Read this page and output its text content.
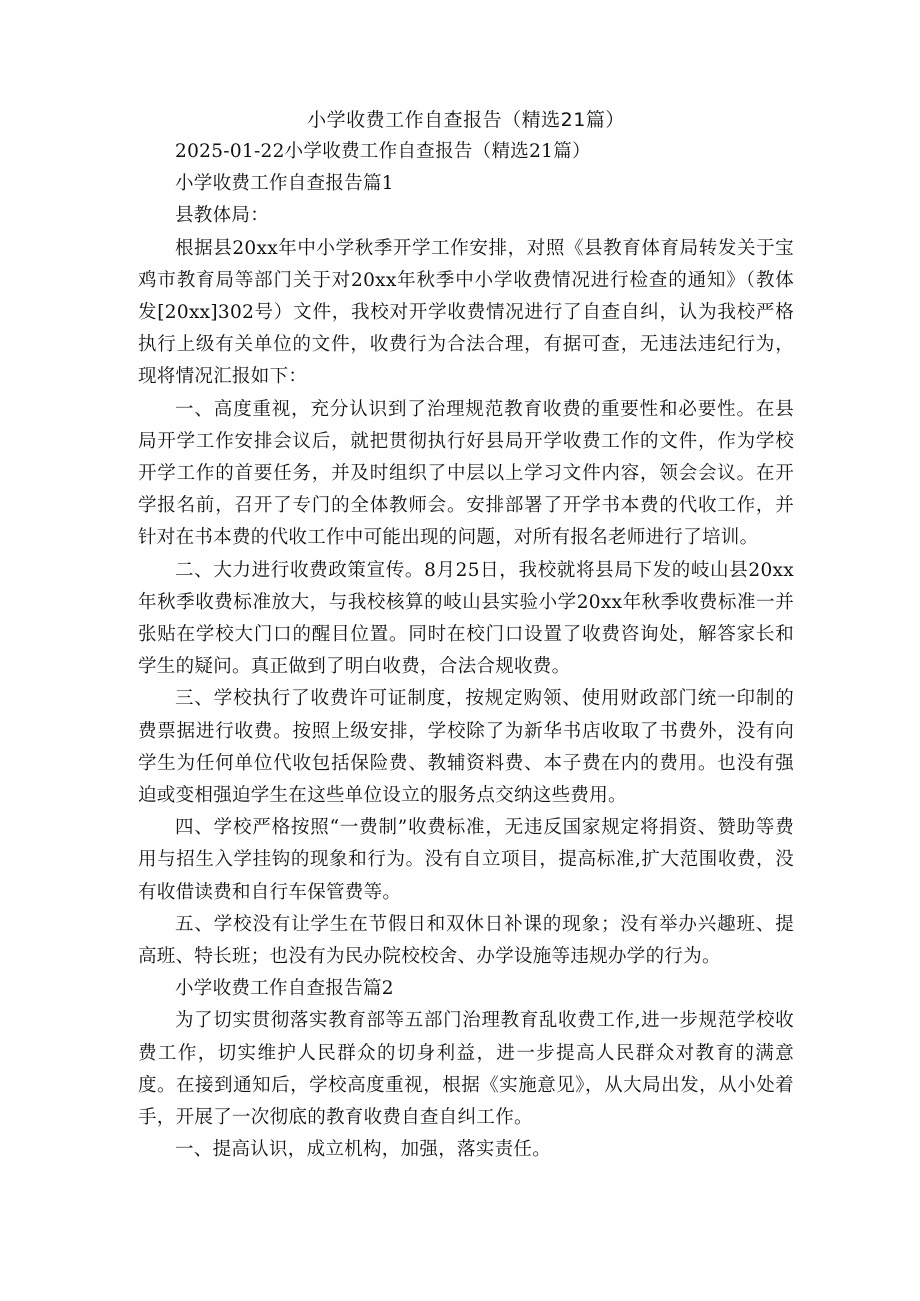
小学收费工作自查报告（精选21篇）

2025-01-22小学收费工作自查报告（精选21篇）

小学收费工作自查报告篇1

县教体局：

根据县20xx年中小学秋季开学工作安排，对照《县教育体育局转发关于宝鸡市教育局等部门关于对20xx年秋季中小学收费情况进行检查的通知》（教体发[20xx]302号）文件，我校对开学收费情况进行了自查自纠，认为我校严格执行上级有关单位的文件，收费行为合法合理，有据可查，无违法违纪行为，现将情况汇报如下：

一、高度重视，充分认识到了治理规范教育收费的重要性和必要性。在县局开学工作安排会议后，就把贯彻执行好县局开学收费工作的文件，作为学校开学工作的首要任务，并及时组织了中层以上学习文件内容，领会会议。在开学报名前，召开了专门的全体教师会。安排部署了开学书本费的代收工作，并针对在书本费的代收工作中可能出现的问题，对所有报名老师进行了培训。

二、大力进行收费政策宣传。8月25日，我校就将县局下发的岐山县20xx年秋季收费标准放大，与我校核算的岐山县实验小学20xx年秋季收费标准一并张贴在学校大门口的醒目位置。同时在校门口设置了收费咨询处，解答家长和学生的疑问。真正做到了明白收费，合法合规收费。

三、学校执行了收费许可证制度，按规定购领、使用财政部门统一印制的费票据进行收费。按照上级安排，学校除了为新华书店收取了书费外，没有向学生为任何单位代收包括保险费、教辅资料费、本子费在内的费用。也没有强迫或变相强迫学生在这些单位设立的服务点交纳这些费用。

四、学校严格按照“一费制”收费标准，无违反国家规定将捐资、赞助等费用与招生入学挂钩的现象和行为。没有自立项目，提高标准,扩大范围收费，没有收借读费和自行车保管费等。

五、学校没有让学生在节假日和双休日补课的现象；没有举办兴趣班、提高班、特长班；也没有为民办院校校舍、办学设施等违规办学的行为。

小学收费工作自查报告篇2

为了切实贯彻落实教育部等五部门治理教育乱收费工作,进一步规范学校收费工作，切实维护人民群众的切身利益，进一步提高人民群众对教育的满意度。在接到通知后，学校高度重视，根据《实施意见》，从大局出发，从小处着手，开展了一次彻底的教育收费自查自纠工作。

一、提高认识，成立机构，加强，落实责任。
